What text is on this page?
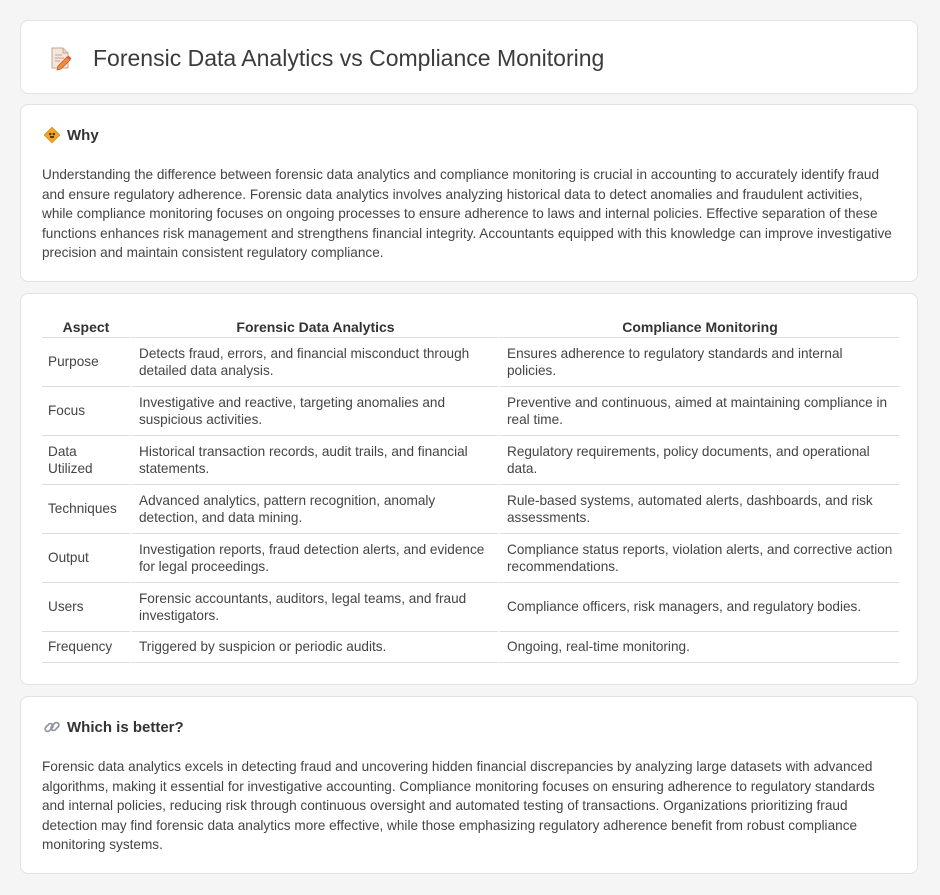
Forensic Data Analytics vs Compliance Monitoring
Why

Understanding the difference between forensic data analytics and compliance monitoring is crucial in accounting to accurately identify fraud and ensure regulatory adherence. Forensic data analytics involves analyzing historical data to detect anomalies and fraudulent activities, while compliance monitoring focuses on ongoing processes to ensure adherence to laws and internal policies. Effective separation of these functions enhances risk management and strengthens financial integrity. Accountants equipped with this knowledge can improve investigative precision and maintain consistent regulatory compliance.

Aspect	Forensic Data Analytics	Compliance Monitoring
Purpose	Detects fraud, errors, and financial misconduct through detailed data analysis.	Ensures adherence to regulatory standards and internal policies.
Focus	Investigative and reactive, targeting anomalies and suspicious activities.	Preventive and continuous, aimed at maintaining compliance in real time.
Data Utilized	Historical transaction records, audit trails, and financial statements.	Regulatory requirements, policy documents, and operational data.
Techniques	Advanced analytics, pattern recognition, anomaly detection, and data mining.	Rule-based systems, automated alerts, dashboards, and risk assessments.
Output	Investigation reports, fraud detection alerts, and evidence for legal proceedings.	Compliance status reports, violation alerts, and corrective action recommendations.
Users	Forensic accountants, auditors, legal teams, and fraud investigators.	Compliance officers, risk managers, and regulatory bodies.
Frequency	Triggered by suspicion or periodic audits.	Ongoing, real-time monitoring.
Which is better?

Forensic data analytics excels in detecting fraud and uncovering hidden financial discrepancies by analyzing large datasets with advanced algorithms, making it essential for investigative accounting. Compliance monitoring focuses on ensuring adherence to regulatory standards and internal policies, reducing risk through continuous oversight and automated testing of transactions. Organizations prioritizing fraud detection may find forensic data analytics more effective, while those emphasizing regulatory adherence benefit from robust compliance monitoring systems.
